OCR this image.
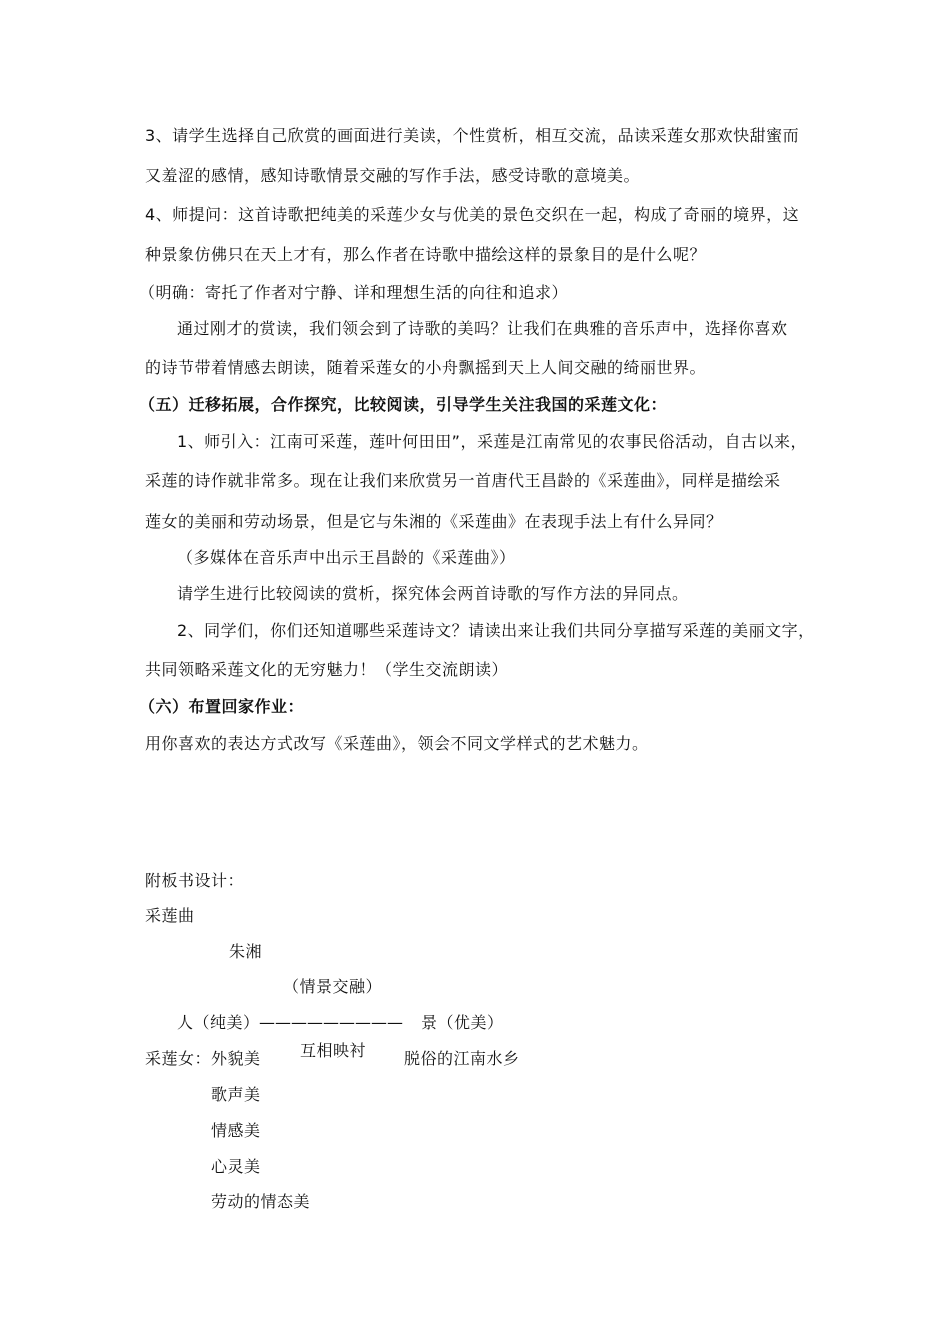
3、请学生选择自己欣赏的画面进行美读，个性赏析，相互交流，品读采莲女那欢快甜蜜而
又羞涩的感情，感知诗歌情景交融的写作手法，感受诗歌的意境美。
4、师提问：这首诗歌把纯美的采莲少女与优美的景色交织在一起，构成了奇丽的境界，这
种景象仿佛只在天上才有，那么作者在诗歌中描绘这样的景象目的是什么呢？
（明确：寄托了作者对宁静、详和理想生活的向往和追求）
通过刚才的赏读，我们领会到了诗歌的美吗？让我们在典雅的音乐声中，选择你喜欢
的诗节带着情感去朗读，随着采莲女的小舟飘摇到天上人间交融的绮丽世界。
（五）迁移拓展，合作探究，比较阅读，引导学生关注我国的采莲文化：
1、师引入：江南可采莲，莲叶何田田”，采莲是江南常见的农事民俗活动，自古以来，
采莲的诗作就非常多。现在让我们来欣赏另一首唐代王昌龄的《采莲曲》，同样是描绘采
莲女的美丽和劳动场景，但是它与朱湘的《采莲曲》在表现手法上有什么异同？
（多媒体在音乐声中出示王昌龄的《采莲曲》）
请学生进行比较阅读的赏析，探究体会两首诗歌的写作方法的异同点。
2、同学们，你们还知道哪些采莲诗文？请读出来让我们共同分享描写采莲的美丽文字，
共同领略采莲文化的无穷魅力！（学生交流朗读）
（六）布置回家作业：
用你喜欢的表达方式改写《采莲曲》，领会不同文学样式的艺术魅力。
附板书设计：
采莲曲
朱湘
（情景交融）
人（纯美） ————————— 景（优美）
采莲女：外貌美 互相映衬 脱俗的江南水乡
歌声美
情感美
心灵美
劳动的情态美
